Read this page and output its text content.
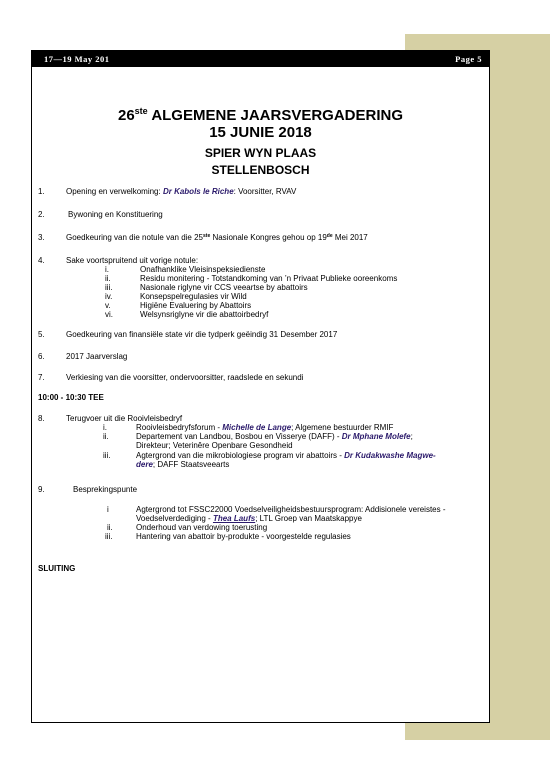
17—19 May 201	Page 5
26ste ALGEMENE JAARSVERGADERING
15 JUNIE 2018
SPIER WYN PLAAS
STELLENBOSCH
1.	Opening en verwelkoming: Dr Kabols le Riche: Voorsitter, RVAV
2.	Bywoning en Konstituering
3.	Goedkeuring van die notule van die 25ste Nasionale Kongres gehou op 19de Mei 2017
4.	Sake voortspruitend uit vorige notule:
i.	Onafhanklike Vleisinspeksiedienste
ii.	Residu monitering - Totstandkoming van ’n Privaat Publieke ooreenkoms
iii.	Nasionale riglyne vir CCS veeartse by abattoirs
iv.	Konsepspelregulasies vir Wild
v.	Higiëne Evaluering by Abattoirs
vi.	Welsynsriglyne vir die abattoirbedryf
5.	Goedkeuring van finansiële state vir die tydperk geëindig 31 Desember 2017
6.	2017 Jaarverslag
7.	Verkiesing van die voorsitter, ondervoorsitter, raadslede en sekundi
10:00 - 10:30 TEE
8.	Terugvoer uit die Rooivleisbedryf
i.	Rooivleisbedryfsforum - Michelle de Lange; Algemene bestuurder RMIF
ii.	Departement van Landbou, Bosbou en Visserye (DAFF) - Dr Mphane Molefe;
Direkteur; Veterinêre Openbare Gesondheid
iii.	Agtergrond van die mikrobiologiese program vir abattoirs - Dr Kudakwashe Magwe-
dere; DAFF Staatsveearts
9.	Besprekingspunte
i	Agtergrond tot FSSC22000 Voedselveiligheidsbestuursprogram: Addisionele vereistes -
Voedselverdediging - Thea Laufs; LTL Groep van Maatskappye
ii.	Onderhoud van verdowing toerusting
iii.	Hantering van abattoir by-produkte - voorgestelde regulasies
SLUITING
